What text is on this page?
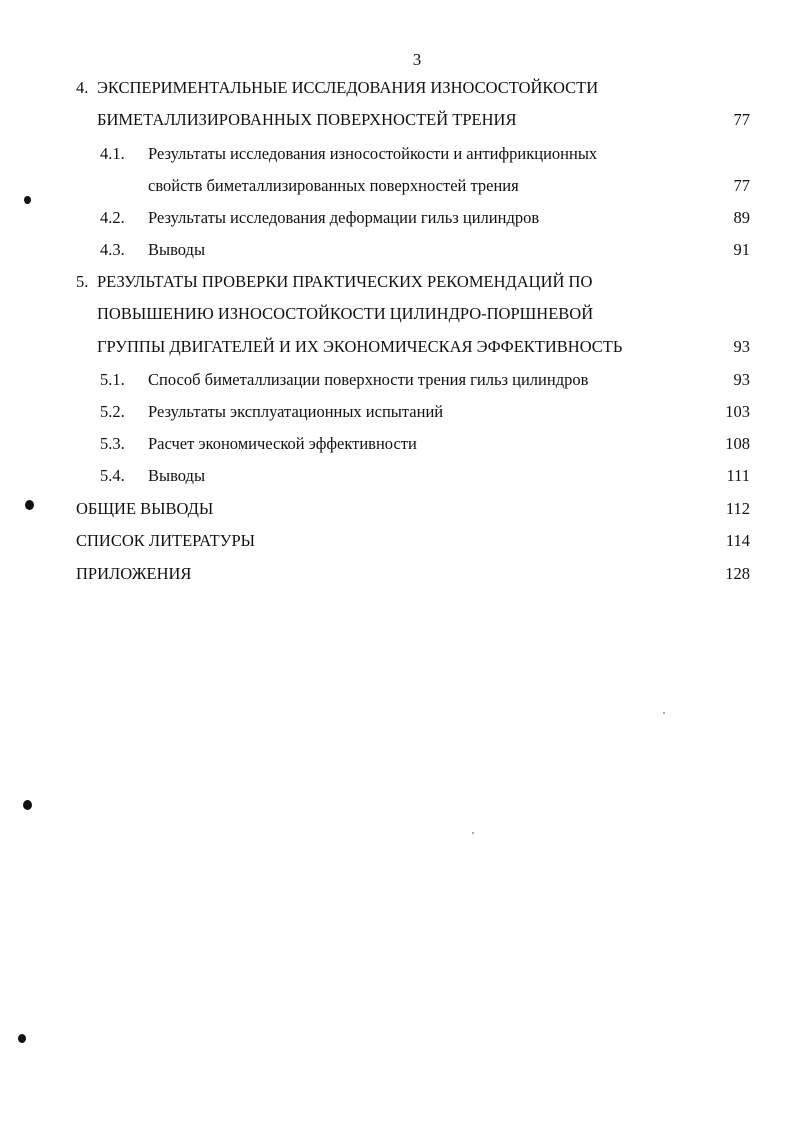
3
4. ЭКСПЕРИМЕНТАЛЬНЫЕ ИССЛЕДОВАНИЯ ИЗНОСОСТОЙКОСТИ
БИМЕТАЛЛИЗИРОВАННЫХ ПОВЕРХНОСТЕЙ ТРЕНИЯ	77
4.1. Результаты исследования износостойкости и антифрикционных
свойств биметаллизированных поверхностей трения	77
4.2. Результаты исследования деформации гильз цилиндров	89
4.3. Выводы	91
5. РЕЗУЛЬТАТЫ ПРОВЕРКИ ПРАКТИЧЕСКИХ РЕКОМЕНДАЦИЙ ПО
ПОВЫШЕНИЮ ИЗНОСОСТОЙКОСТИ ЦИЛИНДРО-ПОРШНЕВОЙ
ГРУППЫ ДВИГАТЕЛЕЙ И ИХ ЭКОНОМИЧЕСКАЯ ЭФФЕКТИВНОСТЬ	93
5.1. Способ биметаллизации поверхности трения гильз цилиндров	93
5.2. Результаты эксплуатационных испытаний	103
5.3. Расчет экономической эффективности	108
5.4. Выводы	111
ОБЩИЕ ВЫВОДЫ	112
СПИСОК ЛИТЕРАТУРЫ	114
ПРИЛОЖЕНИЯ	128
